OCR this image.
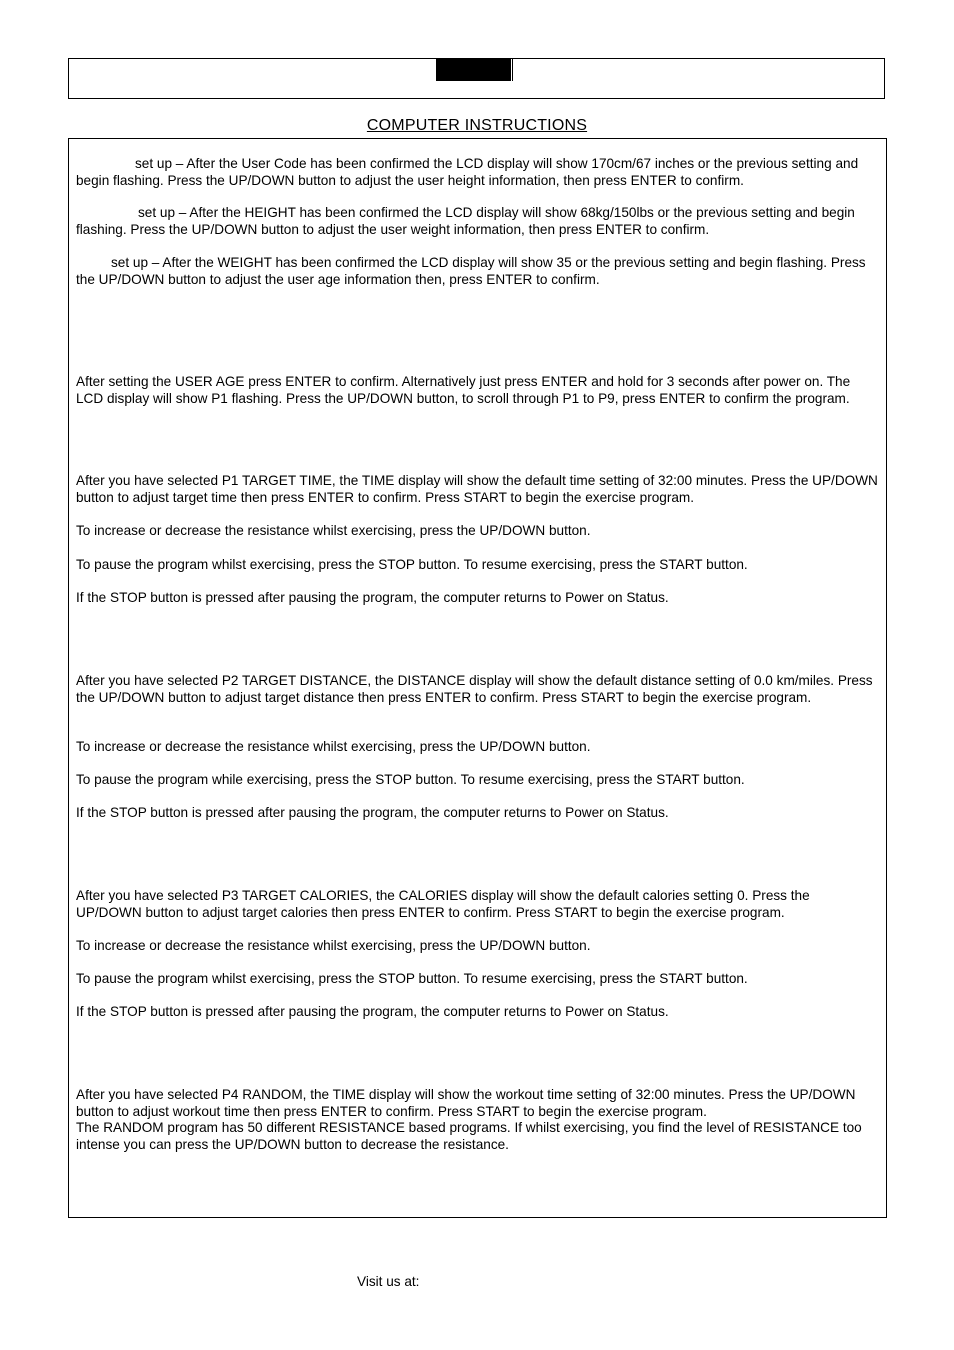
COMPUTER INSTRUCTIONS

set up – After the User Code has been confirmed the LCD display will show 170cm/67 inches or the previous setting and begin flashing. Press the UP/DOWN button to adjust the user height information, then press ENTER to confirm.

set up – After the HEIGHT has been confirmed the LCD display will show 68kg/150lbs or the previous setting and begin flashing. Press the UP/DOWN button to adjust the user weight information, then press ENTER to confirm.

set up – After the WEIGHT has been confirmed the LCD display will show 35 or the previous setting and begin flashing. Press the UP/DOWN button to adjust the user age information then, press ENTER to confirm.

After setting the USER AGE press ENTER to confirm. Alternatively just press ENTER and hold for 3 seconds after power on. The LCD display will show P1 flashing. Press the UP/DOWN button, to scroll through P1 to P9, press ENTER to confirm the program.

After you have selected P1 TARGET TIME, the TIME display will show the default time setting of 32:00 minutes. Press the UP/DOWN button to adjust target time then press ENTER to confirm. Press START to begin the exercise program.

To increase or decrease the resistance whilst exercising, press the UP/DOWN button.

To pause the program whilst exercising, press the STOP button. To resume exercising, press the START button.

If the STOP button is pressed after pausing the program, the computer returns to Power on Status.

After you have selected P2 TARGET DISTANCE, the DISTANCE display will show the default distance setting of 0.0 km/miles. Press the UP/DOWN button to adjust target distance then press ENTER to confirm. Press START to begin the exercise program.

To increase or decrease the resistance whilst exercising, press the UP/DOWN button.

To pause the program while exercising, press the STOP button. To resume exercising, press the START button.

If the STOP button is pressed after pausing the program, the computer returns to Power on Status.

After you have selected P3 TARGET CALORIES, the CALORIES display will show the default calories setting 0. Press the UP/DOWN button to adjust target calories then press ENTER to confirm. Press START to begin the exercise program.

To increase or decrease the resistance whilst exercising, press the UP/DOWN button.

To pause the program whilst exercising, press the STOP button. To resume exercising, press the START button.

If the STOP button is pressed after pausing the program, the computer returns to Power on Status.

After you have selected P4 RANDOM, the TIME display will show the workout time setting of 32:00 minutes. Press the UP/DOWN button to adjust workout time then press ENTER to confirm. Press START to begin the exercise program.

The RANDOM program has 50 different RESISTANCE based programs. If whilst exercising, you find the level of RESISTANCE too intense you can press the UP/DOWN button to decrease the resistance.

Visit us at:
